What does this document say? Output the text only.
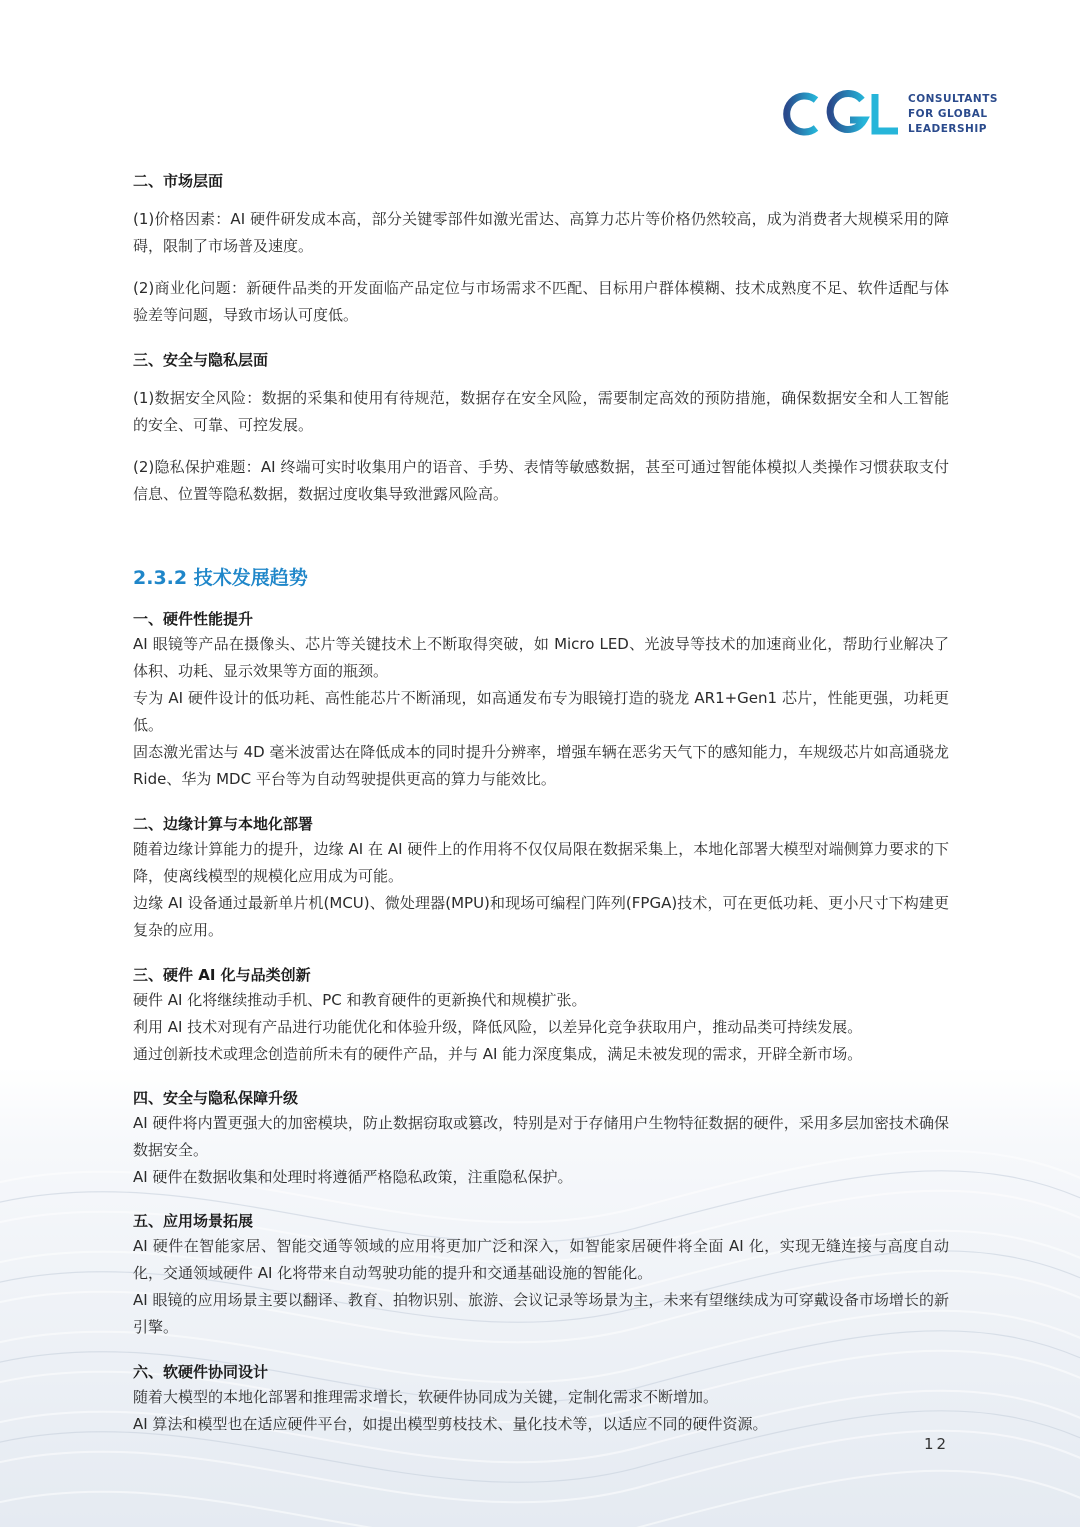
CONSULTANTS
FOR GLOBAL
LEADERSHIP
二、市场层面
(1)价格因素：AI 硬件研发成本高，部分关键零部件如激光雷达、高算力芯片等价格仍然较高，成为消费者大规模采用的障碍，限制了市场普及速度。
(2)商业化问题：新硬件品类的开发面临产品定位与市场需求不匹配、目标用户群体模糊、技术成熟度不足、软件适配与体验差等问题，导致市场认可度低。
三、安全与隐私层面
(1)数据安全风险：数据的采集和使用有待规范，数据存在安全风险，需要制定高效的预防措施，确保数据安全和人工智能的安全、可靠、可控发展。
(2)隐私保护难题：AI 终端可实时收集用户的语音、手势、表情等敏感数据，甚至可通过智能体模拟人类操作习惯获取支付信息、位置等隐私数据，数据过度收集导致泄露风险高。
2.3.2 技术发展趋势
一、硬件性能提升
AI 眼镜等产品在摄像头、芯片等关键技术上不断取得突破，如 Micro LED、光波导等技术的加速商业化，帮助行业解决了体积、功耗、显示效果等方面的瓶颈。
专为 AI 硬件设计的低功耗、高性能芯片不断涌现，如高通发布专为眼镜打造的骁龙 AR1+Gen1 芯片，性能更强，功耗更低。
固态激光雷达与 4D 毫米波雷达在降低成本的同时提升分辨率，增强车辆在恶劣天气下的感知能力，车规级芯片如高通骁龙 Ride、华为 MDC 平台等为自动驾驶提供更高的算力与能效比。
二、边缘计算与本地化部署
随着边缘计算能力的提升，边缘 AI 在 AI 硬件上的作用将不仅仅局限在数据采集上，本地化部署大模型对端侧算力要求的下降，使离线模型的规模化应用成为可能。
边缘 AI 设备通过最新单片机(MCU)、微处理器(MPU)和现场可编程门阵列(FPGA)技术，可在更低功耗、更小尺寸下构建更复杂的应用。
三、硬件 AI 化与品类创新
硬件 AI 化将继续推动手机、PC 和教育硬件的更新换代和规模扩张。
利用 AI 技术对现有产品进行功能优化和体验升级，降低风险，以差异化竞争获取用户，推动品类可持续发展。
通过创新技术或理念创造前所未有的硬件产品，并与 AI 能力深度集成，满足未被发现的需求，开辟全新市场。
四、安全与隐私保障升级
AI 硬件将内置更强大的加密模块，防止数据窃取或篡改，特别是对于存储用户生物特征数据的硬件，采用多层加密技术确保数据安全。
AI 硬件在数据收集和处理时将遵循严格隐私政策，注重隐私保护。
五、应用场景拓展
AI 硬件在智能家居、智能交通等领域的应用将更加广泛和深入，如智能家居硬件将全面 AI 化，实现无缝连接与高度自动化，交通领域硬件 AI 化将带来自动驾驶功能的提升和交通基础设施的智能化。
AI 眼镜的应用场景主要以翻译、教育、拍物识别、旅游、会议记录等场景为主，未来有望继续成为可穿戴设备市场增长的新引擎。
六、软硬件协同设计
随着大模型的本地化部署和推理需求增长，软硬件协同成为关键，定制化需求不断增加。
AI 算法和模型也在适应硬件平台，如提出模型剪枝技术、量化技术等，以适应不同的硬件资源。
12
